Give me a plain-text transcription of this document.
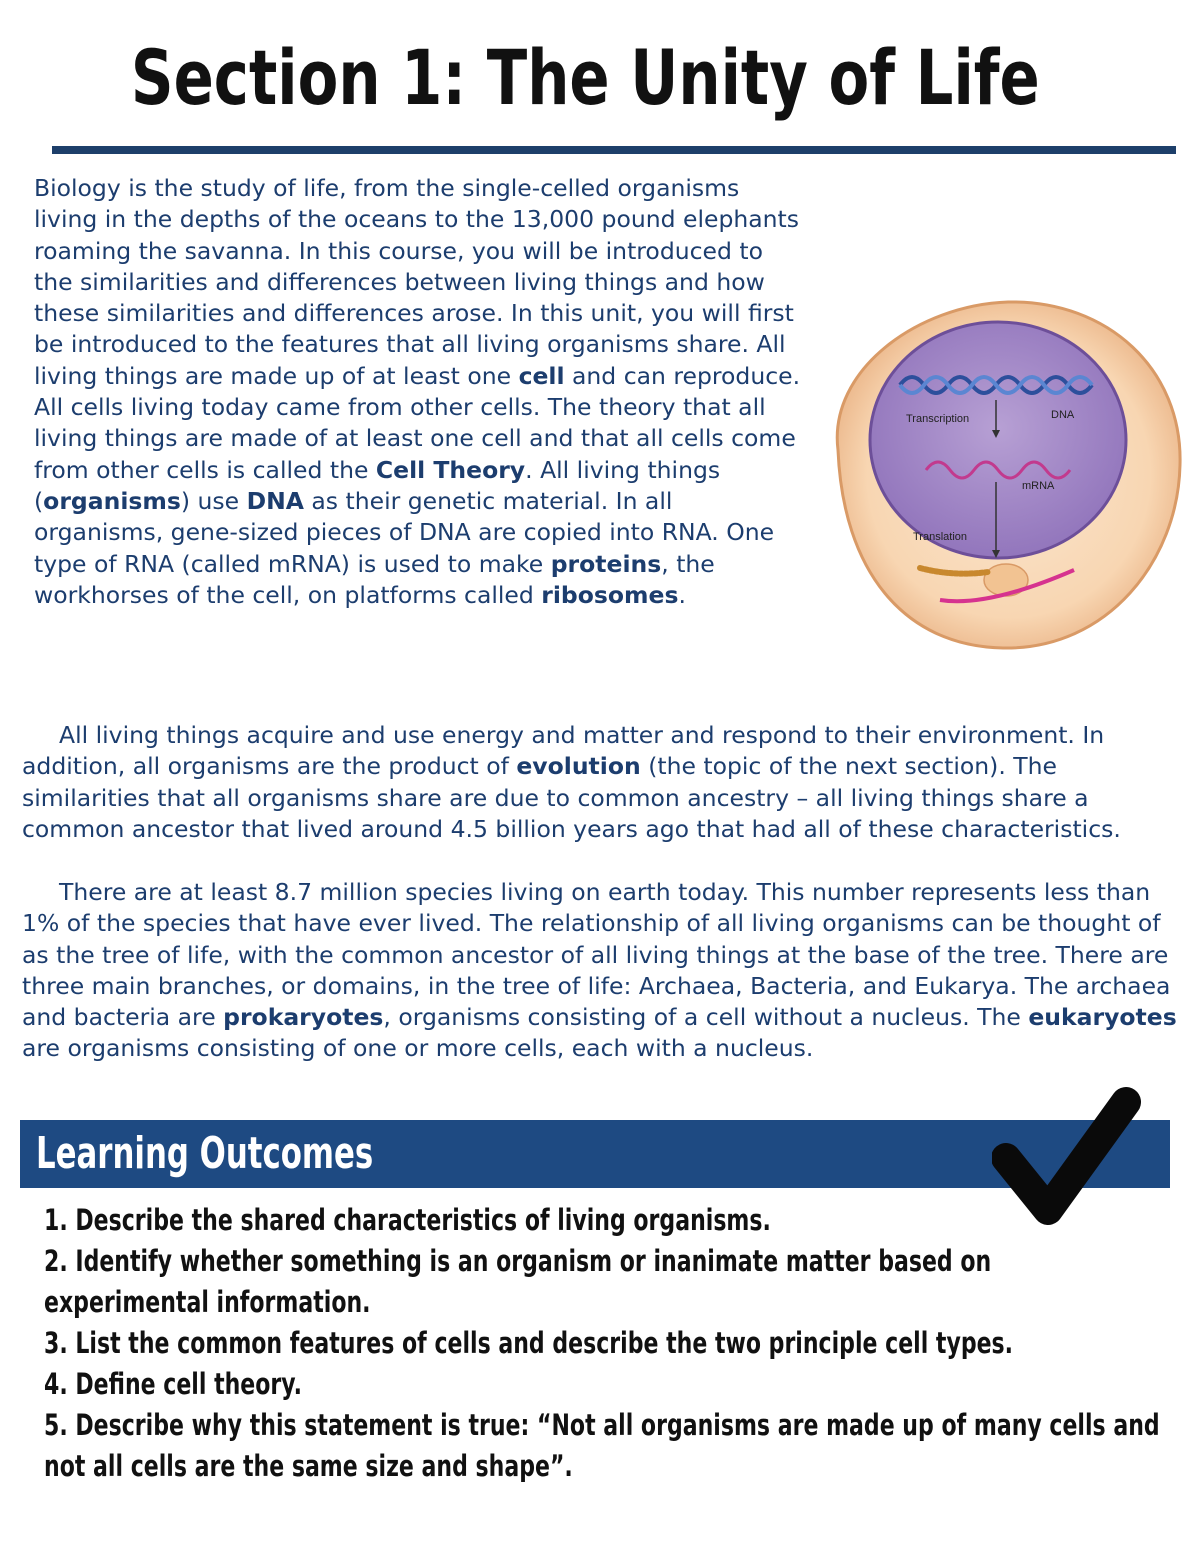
Section 1: The Unity of Life

Biology is the study of life, from the single-celled organisms living in the depths of the oceans to the 13,000 pound elephants roaming the savanna. In this course, you will be introduced to the similarities and differences between living things and how these similarities and differences arose. In this unit, you will first be introduced to the features that all living organisms share. All living things are made up of at least one cell and can reproduce. All cells living today came from other cells. The theory that all living things are made of at least one cell and that all cells come from other cells is called the Cell Theory. All living things (organisms) use DNA as their genetic material. In all organisms, gene-sized pieces of DNA are copied into RNA. One type of RNA (called mRNA) is used to make proteins, the workhorses of the cell, on platforms called ribosomes.

Transcription	DNA
mRNA
Translation

All living things acquire and use energy and matter and respond to their environment. In addition, all organisms are the product of evolution (the topic of the next section). The similarities that all organisms share are due to common ancestry – all living things share a common ancestor that lived around 4.5 billion years ago that had all of these characteristics.

There are at least 8.7 million species living on earth today. This number represents less than 1% of the species that have ever lived. The relationship of all living organisms can be thought of as the tree of life, with the common ancestor of all living things at the base of the tree. There are three main branches, or domains, in the tree of life: Archaea, Bacteria, and Eukarya. The archaea and bacteria are prokaryotes, organisms consisting of a cell without a nucleus. The eukaryotes are organisms consisting of one or more cells, each with a nucleus.

Learning Outcomes
1. Describe the shared characteristics of living organisms.
2. Identify whether something is an organism or inanimate matter based on experimental information.
3. List the common features of cells and describe the two principle cell types.
4. Define cell theory.
5. Describe why this statement is true: “Not all organisms are made up of many cells and not all cells are the same size and shape”.
